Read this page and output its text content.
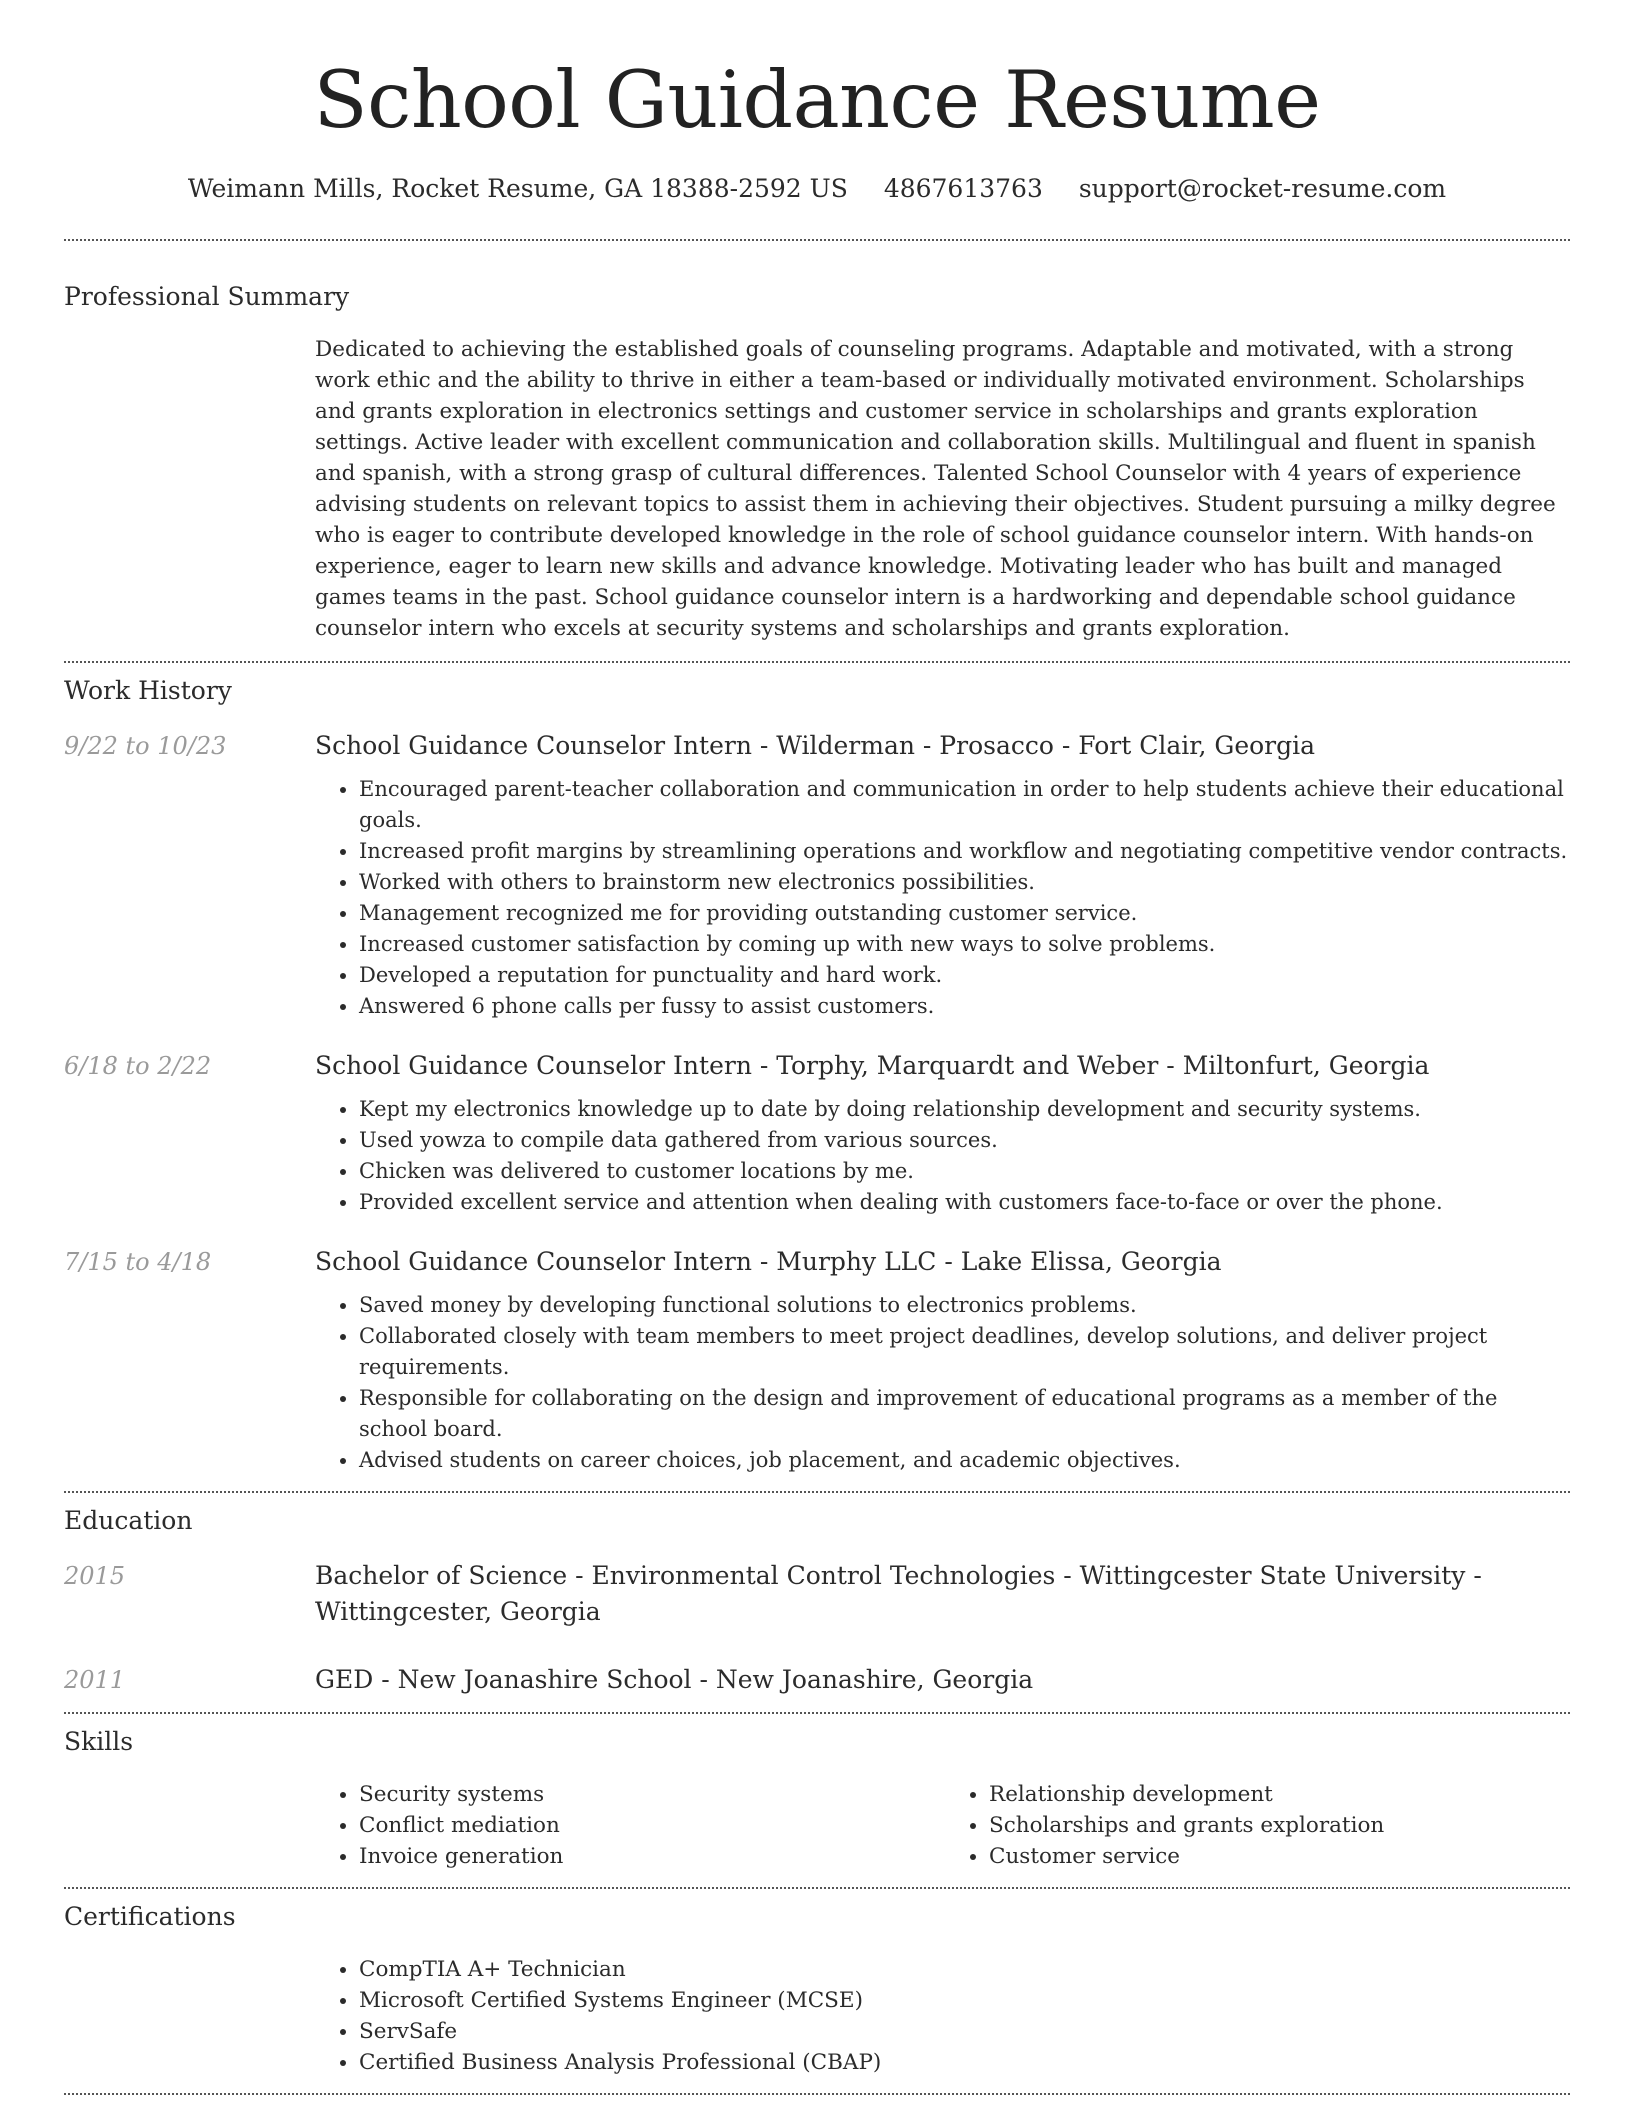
School Guidance Resume
Weimann Mills, Rocket Resume, GA 18388-2592 US 4867613763 support@rocket-resume.com
Professional Summary

Dedicated to achieving the established goals of counseling programs. Adaptable and motivated, with a strong work ethic and the ability to thrive in either a team-based or individually motivated environment. Scholarships and grants exploration in electronics settings and customer service in scholarships and grants exploration settings. Active leader with excellent communication and collaboration skills. Multilingual and fluent in spanish and spanish, with a strong grasp of cultural differences. Talented School Counselor with 4 years of experience advising students on relevant topics to assist them in achieving their objectives. Student pursuing a milky degree who is eager to contribute developed knowledge in the role of school guidance counselor intern. With hands-on experience, eager to learn new skills and advance knowledge. Motivating leader who has built and managed games teams in the past. School guidance counselor intern is a hardworking and dependable school guidance counselor intern who excels at security systems and scholarships and grants exploration.

Work History
9/22 to 10/23	School Guidance Counselor Intern - Wilderman - Prosacco - Fort Clair, Georgia
• Encouraged parent-teacher collaboration and communication in order to help students achieve their educational goals.
• Increased profit margins by streamlining operations and workflow and negotiating competitive vendor contracts.
• Worked with others to brainstorm new electronics possibilities.
• Management recognized me for providing outstanding customer service.
• Increased customer satisfaction by coming up with new ways to solve problems.
• Developed a reputation for punctuality and hard work.
• Answered 6 phone calls per fussy to assist customers.
6/18 to 2/22	School Guidance Counselor Intern - Torphy, Marquardt and Weber - Miltonfurt, Georgia
• Kept my electronics knowledge up to date by doing relationship development and security systems.
• Used yowza to compile data gathered from various sources.
• Chicken was delivered to customer locations by me.
• Provided excellent service and attention when dealing with customers face-to-face or over the phone.
7/15 to 4/18	School Guidance Counselor Intern - Murphy LLC - Lake Elissa, Georgia
• Saved money by developing functional solutions to electronics problems.
• Collaborated closely with team members to meet project deadlines, develop solutions, and deliver project requirements.
• Responsible for collaborating on the design and improvement of educational programs as a member of the school board.
• Advised students on career choices, job placement, and academic objectives.
Education
2015	Bachelor of Science - Environmental Control Technologies - Wittingcester State University - Wittingcester, Georgia
2011	GED - New Joanashire School - New Joanashire, Georgia
Skills
• Security systems
• Conflict mediation
• Invoice generation
• Relationship development
• Scholarships and grants exploration
• Customer service
Certifications
• CompTIA A+ Technician
• Microsoft Certified Systems Engineer (MCSE)
• ServSafe
• Certified Business Analysis Professional (CBAP)
